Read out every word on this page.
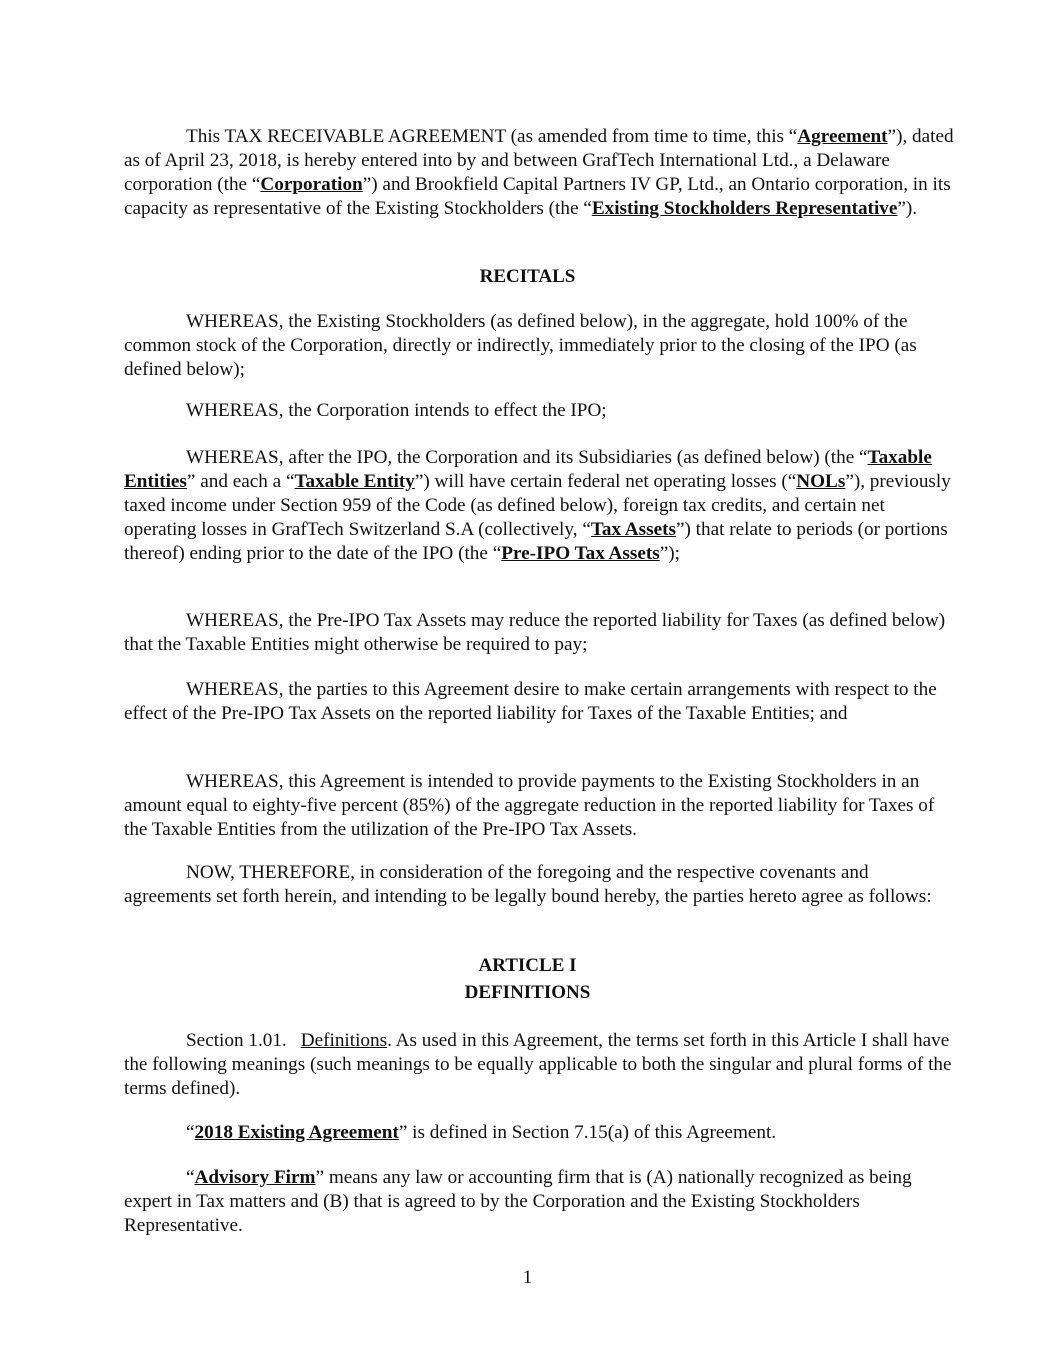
This TAX RECEIVABLE AGREEMENT (as amended from time to time, this “Agreement”), dated as of April 23, 2018, is hereby entered into by and between GrafTech International Ltd., a Delaware corporation (the “Corporation”) and Brookfield Capital Partners IV GP, Ltd., an Ontario corporation, in its capacity as representative of the Existing Stockholders (the “Existing Stockholders Representative”).

RECITALS

WHEREAS, the Existing Stockholders (as defined below), in the aggregate, hold 100% of the common stock of the Corporation, directly or indirectly, immediately prior to the closing of the IPO (as defined below);

WHEREAS, the Corporation intends to effect the IPO;

WHEREAS, after the IPO, the Corporation and its Subsidiaries (as defined below) (the “Taxable Entities” and each a “Taxable Entity”) will have certain federal net operating losses (“NOLs”), previously taxed income under Section 959 of the Code (as defined below), foreign tax credits, and certain net operating losses in GrafTech Switzerland S.A (collectively, “Tax Assets”) that relate to periods (or portions thereof) ending prior to the date of the IPO (the “Pre-IPO Tax Assets”);

WHEREAS, the Pre-IPO Tax Assets may reduce the reported liability for Taxes (as defined below) that the Taxable Entities might otherwise be required to pay;

WHEREAS, the parties to this Agreement desire to make certain arrangements with respect to the effect of the Pre-IPO Tax Assets on the reported liability for Taxes of the Taxable Entities; and

WHEREAS, this Agreement is intended to provide payments to the Existing Stockholders in an amount equal to eighty-five percent (85%) of the aggregate reduction in the reported liability for Taxes of the Taxable Entities from the utilization of the Pre-IPO Tax Assets.

NOW, THEREFORE, in consideration of the foregoing and the respective covenants and agreements set forth herein, and intending to be legally bound hereby, the parties hereto agree as follows:

ARTICLE I

DEFINITIONS

Section 1.01. Definitions. As used in this Agreement, the terms set forth in this Article I shall have the following meanings (such meanings to be equally applicable to both the singular and plural forms of the terms defined).

“2018 Existing Agreement” is defined in Section 7.15(a) of this Agreement.

“Advisory Firm” means any law or accounting firm that is (A) nationally recognized as being expert in Tax matters and (B) that is agreed to by the Corporation and the Existing Stockholders Representative.

1
